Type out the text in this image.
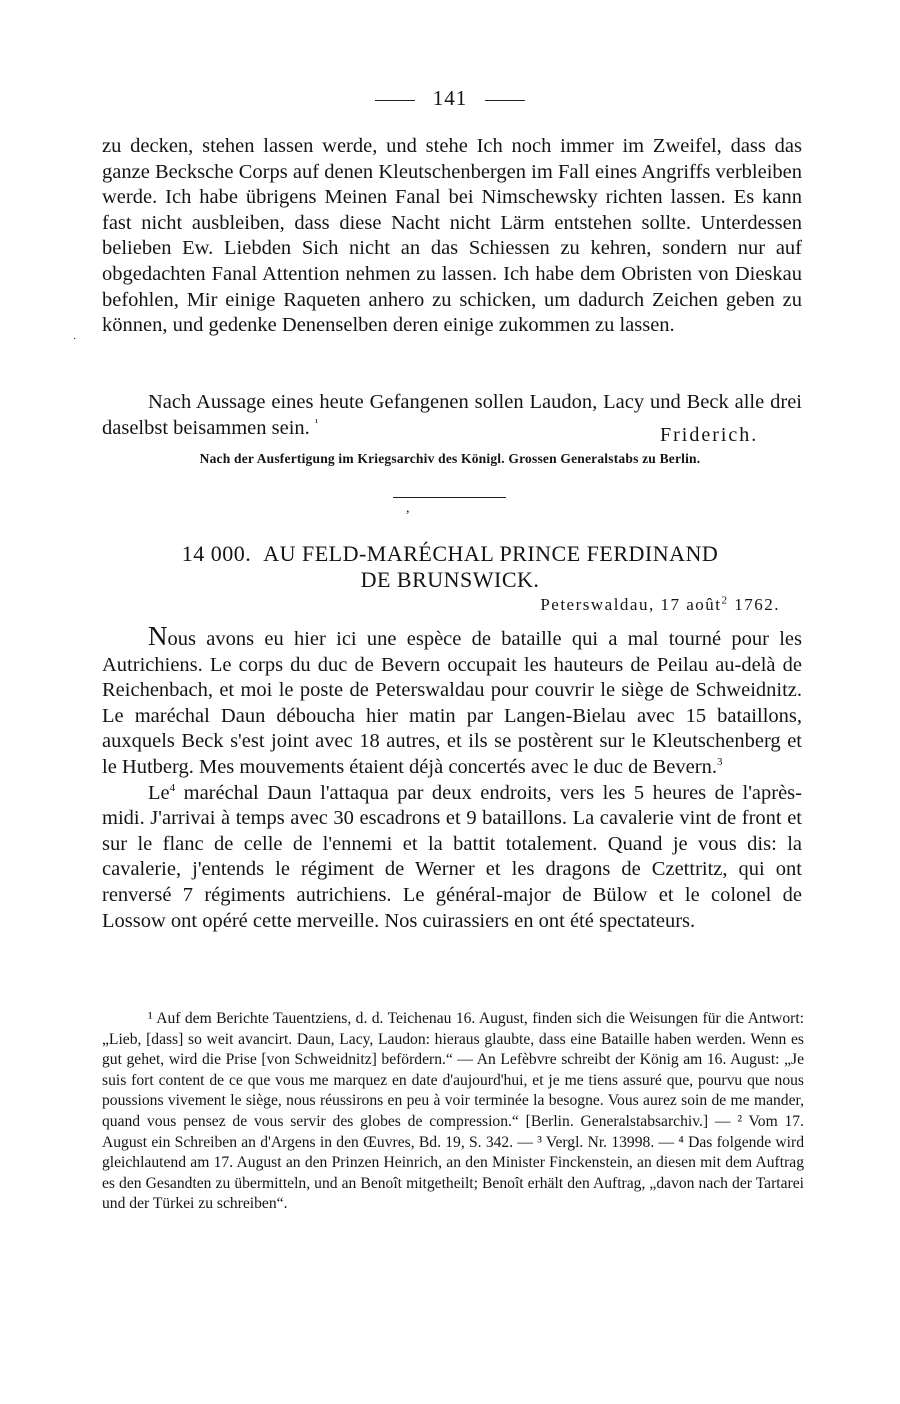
141

zu decken, stehen lassen werde, und stehe Ich noch immer im Zweifel, dass das ganze Becksche Corps auf denen Kleutschenbergen im Fall eines Angriffs verbleiben werde. Ich habe übrigens Meinen Fanal bei Nimschewsky richten lassen. Es kann fast nicht ausbleiben, dass diese Nacht nicht Lärm entstehen sollte. Unterdessen belieben Ew. Liebden Sich nicht an das Schiessen zu kehren, sondern nur auf obgedachten Fanal Attention nehmen zu lassen. Ich habe dem Obristen von Dieskau befohlen, Mir einige Raqueten anhero zu schicken, um dadurch Zeichen geben zu können, und gedenke Denenselben deren einige zukommen zu lassen.

Nach Aussage eines heute Gefangenen sollen Laudon, Lacy und Beck alle drei daselbst beisammen sein. $^{^1}$

Friderich.
Nach der Ausfertigung im Kriegsarchiv des Königl. Grossen Generalstabs zu Berlin.
,
14 000. AU FELD-MARÉCHAL PRINCE FERDINAND
DE BRUNSWICK.
Peterswaldau, 17 août$^2$ 1762.

Nous avons eu hier ici une espèce de bataille qui a mal tourné pour les Autrichiens. Le corps du duc de Bevern occupait les hauteurs de Peilau au-delà de Reichenbach, et moi le poste de Peterswaldau pour couvrir le siège de Schweidnitz. Le maréchal Daun déboucha hier matin par Langen-Bielau avec 15 bataillons, auxquels Beck s'est joint avec 18 autres, et ils se postèrent sur le Kleutschenberg et le Hutberg. Mes mouvements étaient déjà concertés avec le duc de Bevern.$^3$

Le$^4$ maréchal Daun l'attaqua par deux endroits, vers les 5 heures de l'après-midi. J'arrivai à temps avec 30 escadrons et 9 bataillons. La cavalerie vint de front et sur le flanc de celle de l'ennemi et la battit totalement. Quand je vous dis: la cavalerie, j'entends le régiment de Werner et les dragons de Czettritz, qui ont renversé 7 régiments autrichiens. Le général-major de Bülow et le colonel de Lossow ont opéré cette merveille. Nos cuirassiers en ont été spectateurs.

¹ Auf dem Berichte Tauentziens, d. d. Teichenau 16. August, finden sich die Weisungen für die Antwort: „Lieb, [dass] so weit avancirt. Daun, Lacy, Laudon: hieraus glaubte, dass eine Bataille haben werden. Wenn es gut gehet, wird die Prise [von Schweidnitz] befördern.“ — An Lefèbvre schreibt der König am 16. August: „Je suis fort content de ce que vous me marquez en date d'aujourd'hui, et je me tiens assuré que, pourvu que nous poussions vivement le siège, nous réussirons en peu à voir terminée la besogne. Vous aurez soin de me mander, quand vous pensez de vous servir des globes de compression.“ [Berlin. Generalstabsarchiv.] — ² Vom 17. August ein Schreiben an d'Argens in den Œuvres, Bd. 19, S. 342. — ³ Vergl. Nr. 13998. — ⁴ Das folgende wird gleichlautend am 17. August an den Prinzen Heinrich, an den Minister Finckenstein, an diesen mit dem Auftrag es den Gesandten zu übermitteln, und an Benoît mitgetheilt; Benoît erhält den Auftrag, „davon nach der Tartarei und der Türkei zu schreiben“.

·
